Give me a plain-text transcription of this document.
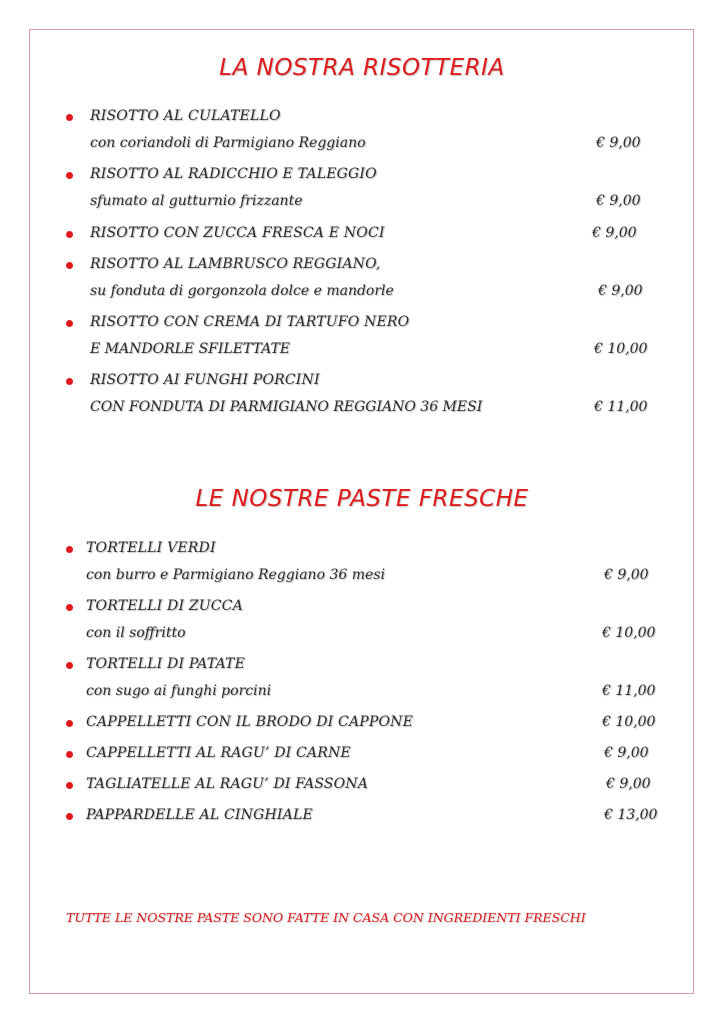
LA NOSTRA RISOTTERIA
RISOTTO AL CULATELLO
con coriandoli di Parmigiano Reggiano	€ 9,00
RISOTTO AL RADICCHIO E TALEGGIO
sfumato al gutturnio frizzante	€ 9,00
RISOTTO CON ZUCCA FRESCA E NOCI	€ 9,00
RISOTTO AL LAMBRUSCO REGGIANO,
su fonduta di gorgonzola dolce e mandorle	€ 9,00
RISOTTO CON CREMA DI TARTUFO NERO
E MANDORLE SFILETTATE	€ 10,00
RISOTTO AI FUNGHI PORCINI
CON FONDUTA DI PARMIGIANO REGGIANO 36 MESI	€ 11,00
LE NOSTRE PASTE FRESCHE
TORTELLI VERDI
con burro e Parmigiano Reggiano 36 mesi	€ 9,00
TORTELLI DI ZUCCA
con il soffritto	€ 10,00
TORTELLI DI PATATE
con sugo ai funghi porcini	€ 11,00
CAPPELLETTI CON IL BRODO DI CAPPONE	€ 10,00
CAPPELLETTI AL RAGU’ DI CARNE	€ 9,00
TAGLIATELLE AL RAGU’ DI FASSONA	€ 9,00
PAPPARDELLE AL CINGHIALE	€ 13,00
TUTTE LE NOSTRE PASTE SONO FATTE IN CASA CON INGREDIENTI FRESCHI
